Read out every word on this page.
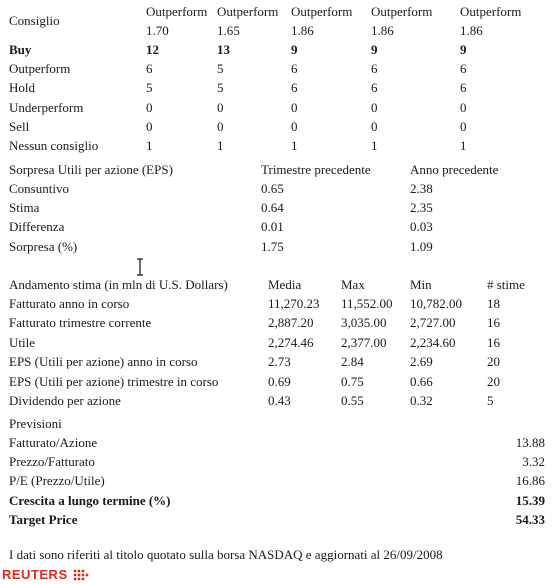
Consiglio
Outperform Outperform Outperform Outperform Outperform
1.70	1.65	1.86	1.86	1.86
Buy	12	13	9	9	9
Outperform	6	5	6	6	6
Hold	5	5	6	6	6
Underperform	0	0	0	0	0
Sell	0	0	0	0	0
Nessun consiglio	1	1	1	1	1
Sorpresa Utili per azione (EPS)	Trimestre precedente	Anno precedente
Consuntivo	0.65	2.38
Stima	0.64	2.35
Differenza	0.01	0.03
Sorpresa (%)	1.75	1.09
Andamento stima (in mln di U.S. Dollars)	Media	Max	Min	# stime
Fatturato anno in corso	11,270.23 11,552.00 10,782.00 18
Fatturato trimestre corrente	2,887.20 3,035.00 2,727.00 16
Utile	2,274.46 2,377.00 2,234.60 16
EPS (Utili per azione) anno in corso	2.73	2.84	2.69	20
EPS (Utili per azione) trimestre in corso	0.69	0.75	0.66	20
Dividendo per azione	0.43	0.55	0.32	5
Previsioni
Fatturato/Azione	13.88
Prezzo/Fatturato	3.32
P/E (Prezzo/Utile)	16.86
Crescita a lungo termine (%)	15.39
Target Price	54.33
I dati sono riferiti al titolo quotato sulla borsa NASDAQ e aggiornati al 26/09/2008
REUTERS
